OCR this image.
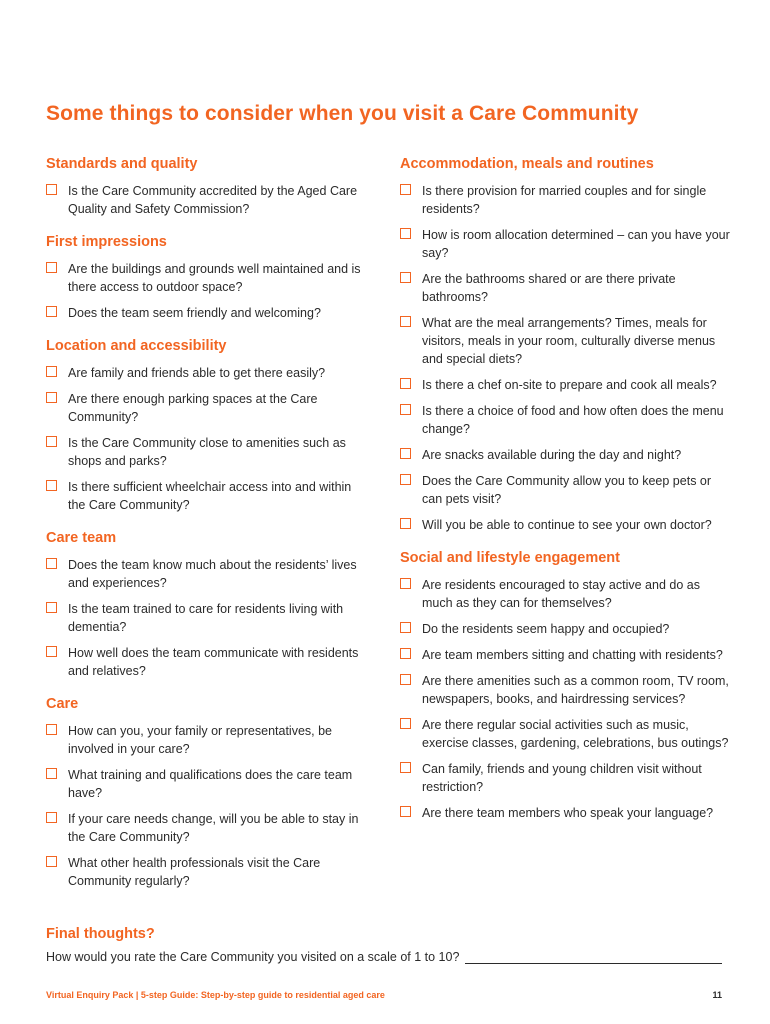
Some things to consider when you visit a Care Community
Standards and quality
Is the Care Community accredited by the Aged Care Quality and Safety Commission?
First impressions
Are the buildings and grounds well maintained and is there access to outdoor space?
Does the team seem friendly and welcoming?
Location and accessibility
Are family and friends able to get there easily?
Are there enough parking spaces at the Care Community?
Is the Care Community close to amenities such as shops and parks?
Is there sufficient wheelchair access into and within the Care Community?
Care team
Does the team know much about the residents’ lives and experiences?
Is the team trained to care for residents living with dementia?
How well does the team communicate with residents and relatives?
Care
How can you, your family or representatives, be involved in your care?
What training and qualifications does the care team have?
If your care needs change, will you be able to stay in the Care Community?
What other health professionals visit the Care Community regularly?
Accommodation, meals and routines
Is there provision for married couples and for single residents?
How is room allocation determined – can you have your say?
Are the bathrooms shared or are there private bathrooms?
What are the meal arrangements? Times, meals for visitors, meals in your room, culturally diverse menus and special diets?
Is there a chef on-site to prepare and cook all meals?
Is there a choice of food and how often does the menu change?
Are snacks available during the day and night?
Does the Care Community allow you to keep pets or can pets visit?
Will you be able to continue to see your own doctor?
Social and lifestyle engagement
Are residents encouraged to stay active and do as much as they can for themselves?
Do the residents seem happy and occupied?
Are team members sitting and chatting with residents?
Are there amenities such as a common room, TV room, newspapers, books, and hairdressing services?
Are there regular social activities such as music, exercise classes, gardening, celebrations, bus outings?
Can family, friends and young children visit without restriction?
Are there team members who speak your language?
Final thoughts?
How would you rate the Care Community you visited on a scale of 1 to 10?
Virtual Enquiry Pack | 5-step Guide: Step-by-step guide to residential aged care	11
